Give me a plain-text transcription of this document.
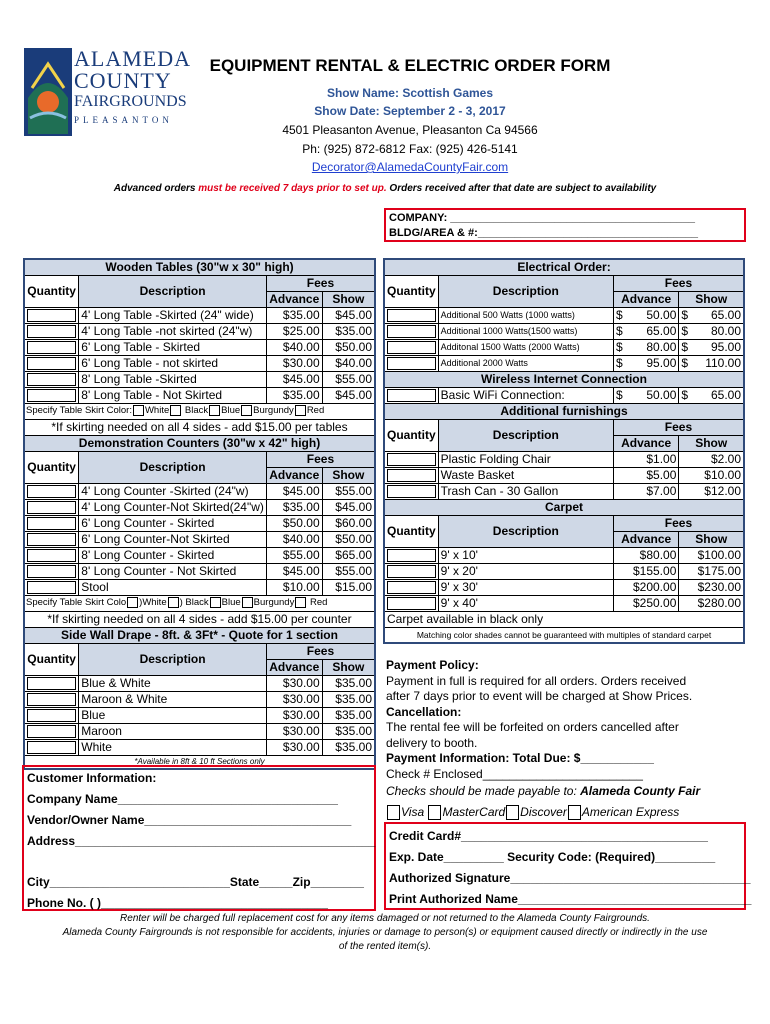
ALAMEDA
COUNTY
FAIRGROUNDS
PLEASANTON
EQUIPMENT RENTAL & ELECTRIC ORDER FORM
Show Name: Scottish Games
Show Date: September 2 - 3, 2017
4501 Pleasanton Avenue, Pleasanton Ca 94566
Ph: (925) 872-6812 Fax: (925) 426-5141
Decorator@AlamedaCountyFair.com
Advanced orders must be received 7 days prior to set up. Orders received after that date are subject to availability
COMPANY: ________________________________________
BLDG/AREA & #:____________________________________
Wooden Tables (30"w x 30" high)			
Quantity	Description	Fees	
		Advance	Show
	4' Long Table -Skirted (24" wide)	$35.00	$45.00
	4' Long Table -not skirted (24"w)	$25.00	$35.00
	6' Long Table - Skirted	$40.00	$50.00
	6' Long Table - not skirted	$30.00	$40.00
	8' Long Table -Skirted	$45.00	$55.00
	8' Long Table - Not Skirted	$35.00	$45.00
Specify Table Skirt Color: White Black Blue Burgundy Red			
*If skirting needed on all 4 sides - add $15.00 per tables			
Demonstration Counters (30"w x 42" high)			
Quantity	Description	Fees	
		Advance	Show
	4' Long Counter -Skirted (24"w)	$45.00	$55.00
	4' Long Counter-Not Skirted(24"w)	$35.00	$45.00
	6' Long Counter - Skirted	$50.00	$60.00
	6' Long Counter-Not Skirted	$40.00	$50.00
	8' Long Counter - Skirted	$55.00	$65.00
	8' Long Counter - Not Skirted	$45.00	$55.00
	Stool	$10.00	$15.00
Specify Table Skirt Colo )White ) Black Blue Burgundy Red			
*If skirting needed on all 4 sides - add $15.00 per counter			
Side Wall Drape - 8ft. & 3Ft* - Quote for 1 section			
Quantity	Description	Fees	
		Advance	Show
	Blue & White	$30.00	$35.00
	Maroon & White	$30.00	$35.00
	Blue	$30.00	$35.00
	Maroon	$30.00	$35.00
	White	$30.00	$35.00
*Available in 8ft & 10 ft Sections only			
Electrical Order:			
Quantity	Description	Fees	
		Advance	Show
	Additional 500 Watts (1000 watts)	$ 50.00	$ 65.00

	Additional 1000 Watts(1500 watts)	$ 65.00	$ 80.00

	Additonal 1500 Watts (2000 Watts)	$ 80.00	$ 95.00

	Additional 2000 Watts	$ 95.00	$ 110.00

Wireless Internet Connection			
	Basic WiFi Connection:	$ 50.00	$ 65.00

Additional furnishings			
Quantity	Description	Fees	
		Advance	Show
	Plastic Folding Chair	$1.00	$2.00
	Waste Basket	$5.00	$10.00
	Trash Can - 30 Gallon	$7.00	$12.00
Carpet			
Quantity	Description	Fees	
		Advance	Show
	9' x 10'	$80.00	$100.00
	9' x 20'	$155.00	$175.00
	9' x 30'	$200.00	$230.00
	9' x 40'	$250.00	$280.00
Carpet available in black only			
Matching color shades cannot be guaranteed with multiples of standard carpet			
Customer Information:
Company Name_________________________________
Vendor/Owner Name_______________________________
Address_____________________________________________
City___________________________State_____Zip________
Phone No. ( )__________________________________
Payment Policy:
Payment in full is required for all orders. Orders received
after 7 days prior to event will be charged at Show Prices.
Cancellation:
The rental fee will be forfeited on orders cancelled after
delivery to booth.
Payment Information: Total Due: $___________
Check # Enclosed________________________
Checks should be made payable to: Alameda County Fair
Visa MasterCard Discover American Express
Credit Card#_____________________________________
Exp. Date_________ Security Code: (Required)_________
Authorized Signature____________________________________
Print Authorized Name___________________________________
Renter will be charged full replacement cost for any items damaged or not returned to the Alameda County Fairgrounds.
Alameda County Fairgrounds is not responsible for accidents, injuries or damage to person(s) or equipment caused directly or indirectly in the use
of the rented item(s).
